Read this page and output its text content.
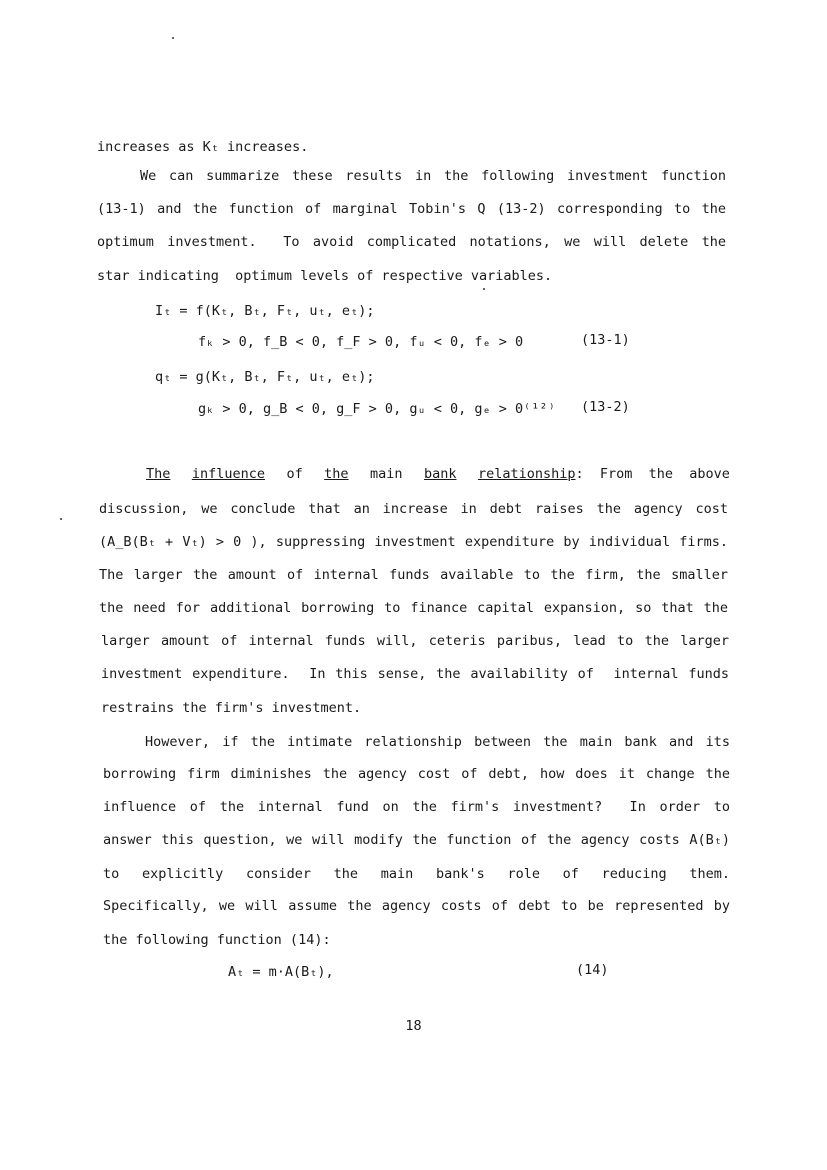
increases as Kₜ increases.
We can summarize these results in the following investment function
(13-1) and the function of marginal Tobin's Q (13-2) corresponding to the
optimum investment.  To avoid complicated notations, we will delete the
star indicating  optimum levels of respective variables.
Iₜ = f(Kₜ, Bₜ, Fₜ, uₜ, eₜ);
fₖ > 0, f_B < 0, f_F > 0, fᵤ < 0, fₑ > 0	(13-1)
qₜ = g(Kₜ, Bₜ, Fₜ, uₜ, eₜ);
gₖ > 0, g_B < 0, g_F > 0, gᵤ < 0, gₑ > 0⁽¹²⁾ (13-2)
The influence of the main bank relationship:  From  the  above
discussion, we conclude that an increase in debt raises the agency cost
(A_B(Bₜ + Vₜ) > 0 ), suppressing investment expenditure by individual firms.
The larger the amount of internal funds available to the firm, the smaller
the need for additional borrowing to finance capital expansion, so that the
larger amount of internal funds will, ceteris paribus, lead to the larger
investment expenditure.  In this sense, the availability of  internal funds
restrains the firm's investment.
However, if the intimate relationship between the main bank and its
borrowing firm diminishes the agency cost of debt, how does it change the
influence of the internal fund on the firm's investment?  In order to
answer this question, we will modify the function of the agency costs A(Bₜ)
to  explicitly  consider  the  main  bank's  role  of  reducing  them.
Specifically, we will assume the agency costs of debt to be represented by
the following function (14):
Aₜ = m·A(Bₜ),	(14)
18
